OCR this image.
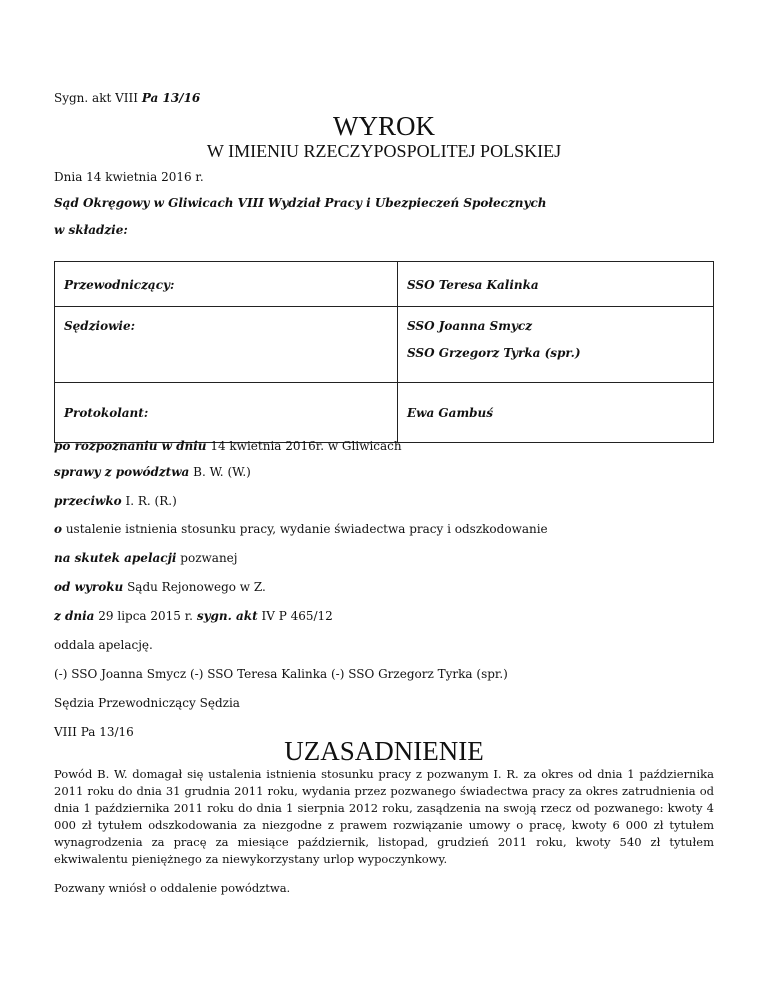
Sygn. akt VIII Pa 13/16
WYROK
W IMIENIU RZECZYPOSPOLITEJ POLSKIEJ
Dnia 14 kwietnia 2016 r.
Sąd Okręgowy w Gliwicach VIII Wydział Pracy i Ubezpieczeń Społecznych
w składzie:
Przewodniczący:	SSO Teresa Kalinka

Sędziowie:	SSO Joanna Smycz
SSO Grzegorz Tyrka (spr.)

Protokolant:	Ewa Gambuś
po rozpoznaniu w dniu 14 kwietnia 2016r. w Gliwicach
sprawy z powództwa B. W. (W.)
przeciwko I. R. (R.)
o ustalenie istnienia stosunku pracy, wydanie świadectwa pracy i odszkodowanie
na skutek apelacji pozwanej
od wyroku Sądu Rejonowego w Z.
z dnia 29 lipca 2015 r. sygn. akt IV P 465/12
oddala apelację.
(-) SSO Joanna Smycz (-) SSO Teresa Kalinka (-) SSO Grzegorz Tyrka (spr.)
Sędzia Przewodniczący Sędzia
VIII Pa 13/16
UZASADNIENIE
Powód B. W. domagał się ustalenia istnienia stosunku pracy z pozwanym I. R. za okres od dnia 1 października 2011 roku do dnia 31 grudnia 2011 roku, wydania przez pozwanego świadectwa pracy za okres zatrudnienia od dnia 1 października 2011 roku do dnia 1 sierpnia 2012 roku, zasądzenia na swoją rzecz od pozwanego: kwoty 4 000 zł tytułem odszkodowania za niezgodne z prawem rozwiązanie umowy o pracę, kwoty 6 000 zł tytułem wynagrodzenia za pracę za miesiące październik, listopad, grudzień 2011 roku, kwoty 540 zł tytułem ekwiwalentu pieniężnego za niewykorzystany urlop wypoczynkowy.
Pozwany wniósł o oddalenie powództwa.
